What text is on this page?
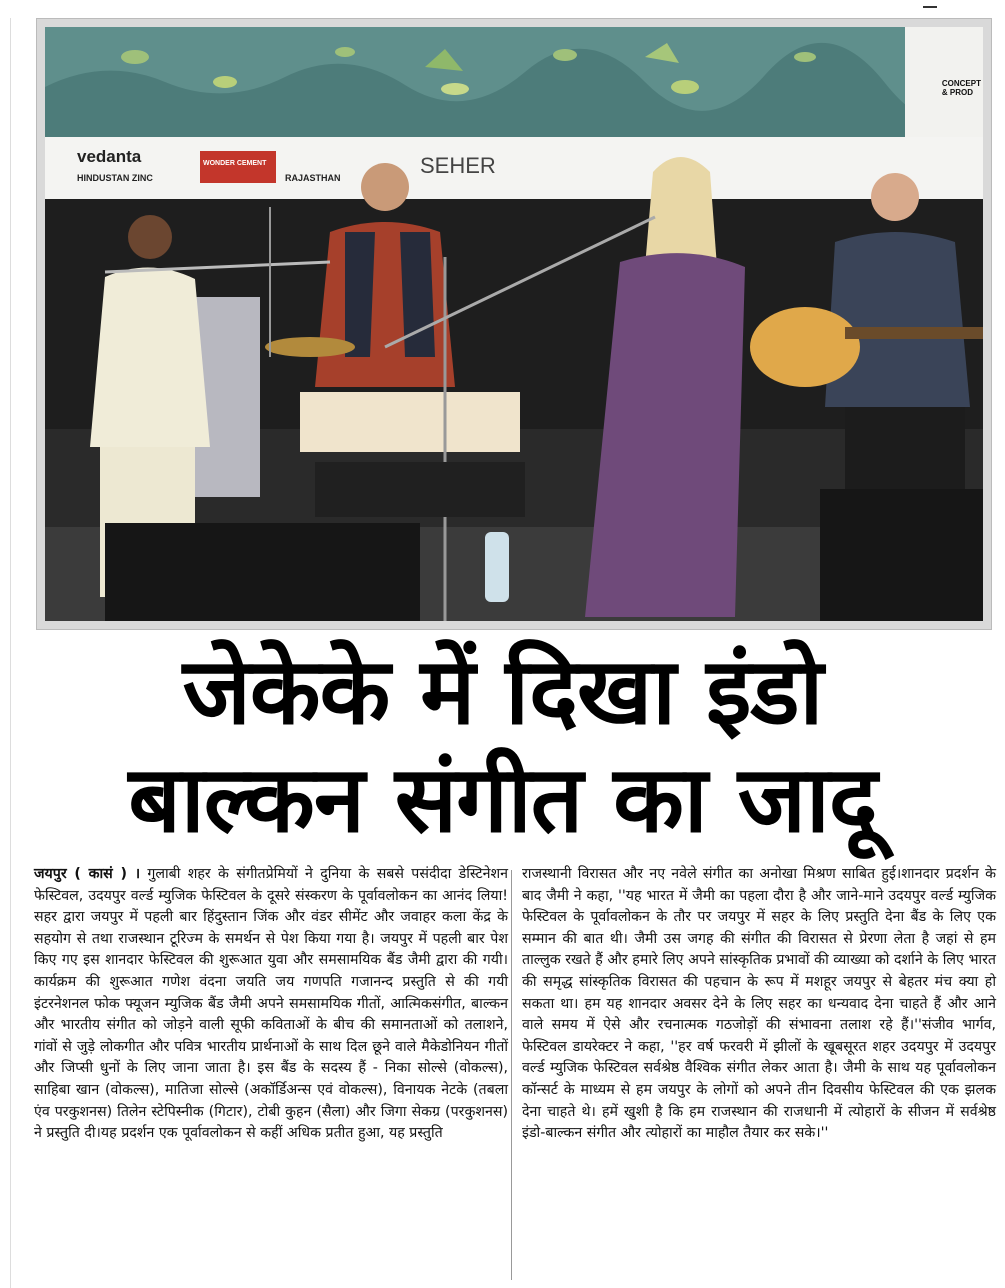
vedanta
HINDUSTAN ZINC
WONDER CEMENT
RAJASTHAN	SEHER
CONCEPT
& PROD
जेकेके में दिखा इंडो
बाल्कन संगीत का जादू
जयपुर ( कासं ) । गुलाबी शहर के संगीतप्रेमियों ने दुनिया के सबसे पसंदीदा डेस्टिनेशन फेस्टिवल, उदयपुर वर्ल्ड म्युजिक फेस्टिवल के दूसरे संस्करण के पूर्वावलोकन का आनंद लिया! सहर द्वारा जयपुर में पहली बार हिंदुस्तान जिंक और वंडर सीमेंट और जवाहर कला केंद्र के सहयोग से तथा राजस्थान टूरिज्म के समर्थन से पेश किया गया है। जयपुर में पहली बार पेश किए गए इस शानदार फेस्टिवल की शुरूआत युवा और समसामयिक बैंड जैमी द्वारा की गयी। कार्यक्रम की शुरूआत गणेश वंदना जयति जय गणपति गजानन्द प्रस्तुति से की गयी इंटरनेशनल फोक फ्यूजन म्युजिक बैंड जैमी अपने समसामयिक गीतों, आत्मिकसंगीत, बाल्कन और भारतीय संगीत को जोड़ने वाली सूफी कविताओं के बीच की समानताओं को तलाशने, गांवों से जुड़े लोकगीत और पवित्र भारतीय प्रार्थनाओं के साथ दिल छूने वाले मैकेडोनियन गीतों और जिप्सी धुनों के लिए जाना जाता है। इस बैंड के सदस्य हैं - निका सोल्से (वोकल्स), साहिबा खान (वोकल्स), मातिजा सोल्से (अकॉर्डिअन्स एवं वोकल्स), विनायक नेटके (तबला एंव परकुशनस) तिलेन स्टेपिस्नीक (गिटार), टोबी कुहन (सैला) और जिगा सेकग्र (परकुशनस) ने प्रस्तुति दी।यह प्रदर्शन एक पूर्वावलोकन से कहीं अधिक प्रतीत हुआ, यह प्रस्तुति
राजस्थानी विरासत और नए नवेले संगीत का अनोखा मिश्रण साबित हुई।शानदार प्रदर्शन के बाद जैमी ने कहा, ''यह भारत में जैमी का पहला दौरा है और जाने-माने उदयपुर वर्ल्ड म्युजिक फेस्टिवल के पूर्वावलोकन के तौर पर जयपुर में सहर के लिए प्रस्तुति देना बैंड के लिए एक सम्मान की बात थी। जैमी उस जगह की संगीत की विरासत से प्रेरणा लेता है जहां से हम ताल्लुक रखते हैं और हमारे लिए अपने सांस्कृतिक प्रभावों की व्याख्या को दर्शाने के लिए भारत की समृद्ध सांस्कृतिक विरासत की पहचान के रूप में मशहूर जयपुर से बेहतर मंच क्या हो सकता था। हम यह शानदार अवसर देने के लिए सहर का धन्यवाद देना चाहते हैं और आने वाले समय में ऐसे और रचनात्मक गठजोड़ों की संभावना तलाश रहे हैं।''संजीव भार्गव, फेस्टिवल डायरेक्टर ने कहा, ''हर वर्ष फरवरी में झीलों के खूबसूरत शहर उदयपुर में उदयपुर वर्ल्ड म्युजिक फेस्टिवल सर्वश्रेष्ठ वैश्विक संगीत लेकर आता है। जैमी के साथ यह पूर्वावलोकन कॉन्सर्ट के माध्यम से हम जयपुर के लोगों को अपने तीन दिवसीय फेस्टिवल की एक झलक देना चाहते थे। हमें खुशी है कि हम राजस्थान की राजधानी में त्योहारों के सीजन में सर्वश्रेष्ठ इंडो-बाल्कन संगीत और त्योहारों का माहौल तैयार कर सके।''
